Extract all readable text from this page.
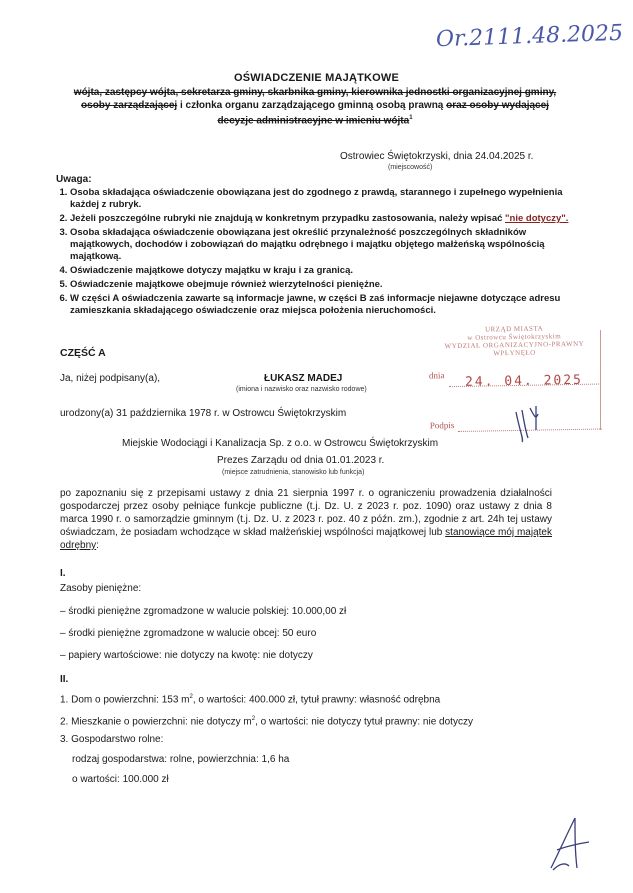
Or.2111.48.2025
OŚWIADCZENIE MAJĄTKOWE
wójta, zastępcy wójta, sekretarza gminy, skarbnika gminy, kierownika jednostki organizacyjnej gminy, osoby zarządzającej i członka organu zarządzającego gminną osobą prawną oraz osoby wydającej decyzje administracyjne w imieniu wójta$^1$
Ostrowiec Świętokrzyski, dnia 24.04.2025 r.
(miejscowość)
Uwaga:
1. Osoba składająca oświadczenie obowiązana jest do zgodnego z prawdą, starannego i zupełnego wypełnienia każdej z rubryk.
2. Jeżeli poszczególne rubryki nie znajdują w konkretnym przypadku zastosowania, należy wpisać "nie dotyczy".
3. Osoba składająca oświadczenie obowiązana jest określić przynależność poszczególnych składników majątkowych, dochodów i zobowiązań do majątku odrębnego i majątku objętego małżeńską wspólnością majątkową.
4. Oświadczenie majątkowe dotyczy majątku w kraju i za granicą.
5. Oświadczenie majątkowe obejmuje również wierzytelności pieniężne.
6. W części A oświadczenia zawarte są informacje jawne, w części B zaś informacje niejawne dotyczące adresu zamieszkania składającego oświadczenie oraz miejsca położenia nieruchomości.
URZĄD MIASTA
w Ostrowcu Świętokrzyskim
WYDZIAŁ ORGANIZACYJNO-PRAWNY
WPŁYNĘŁO
dnia 24. 04. 2025
Podpis
CZĘŚĆ A
Ja, niżej podpisany(a),	ŁUKASZ MADEJ
(imiona i nazwisko oraz nazwisko rodowe)
urodzony(a) 31 października 1978 r. w Ostrowcu Świętokrzyskim
Miejskie Wodociągi i Kanalizacja Sp. z o.o. w Ostrowcu Świętokrzyskim
Prezes Zarządu od dnia 01.01.2023 r.
(miejsce zatrudnienia, stanowisko lub funkcja)
po zapoznaniu się z przepisami ustawy z dnia 21 sierpnia 1997 r. o ograniczeniu prowadzenia działalności gospodarczej przez osoby pełniące funkcje publiczne (t.j. Dz. U. z 2023 r. poz. 1090) oraz ustawy z dnia 8 marca 1990 r. o samorządzie gminnym (t.j. Dz. U. z 2023 r. poz. 40 z późn. zm.), zgodnie z art. 24h tej ustawy oświadczam, że posiadam wchodzące w skład małżeńskiej wspólności majątkowej lub stanowiące mój majątek odrębny:
I.
Zasoby pieniężne:
– środki pieniężne zgromadzone w walucie polskiej: 10.000,00 zł
– środki pieniężne zgromadzone w walucie obcej: 50 euro
– papiery wartościowe: nie dotyczy na kwotę: nie dotyczy
II.
1. Dom o powierzchni: 153 $m^2$, o wartości: 400.000 zł, tytuł prawny: własność odrębna
2. Mieszkanie o powierzchni: nie dotyczy $m^2$, o wartości: nie dotyczy tytuł prawny: nie dotyczy
3. Gospodarstwo rolne:
rodzaj gospodarstwa: rolne, powierzchnia: 1,6 ha
o wartości: 100.000 zł
